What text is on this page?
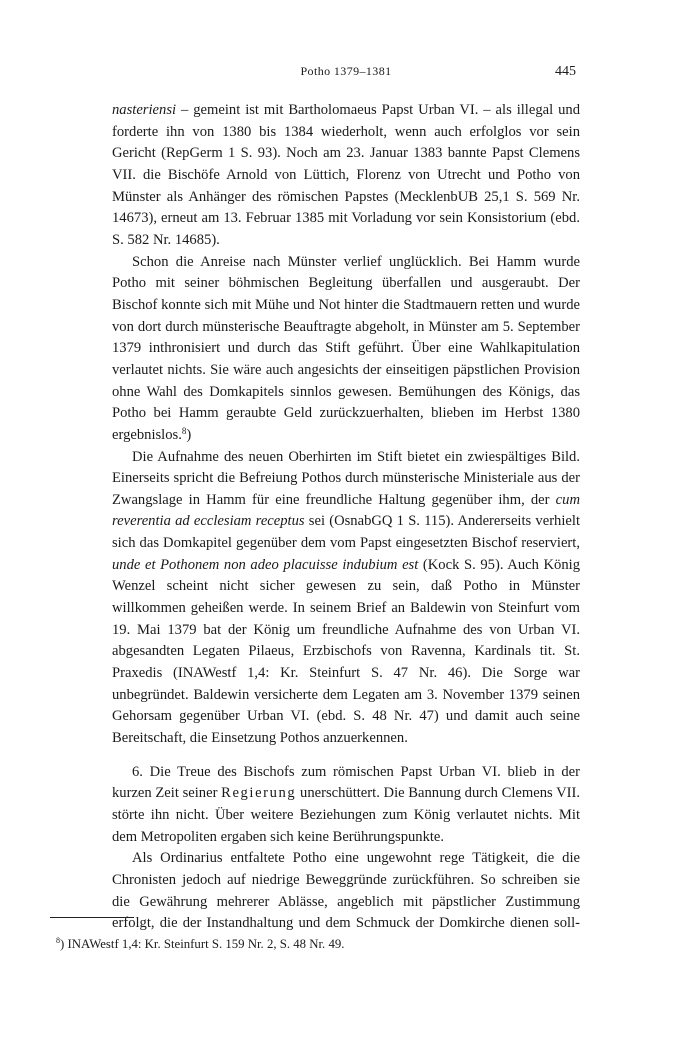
Potho 1379–1381	445

nasteriensi – gemeint ist mit Bartholomaeus Papst Urban VI. – als illegal und forderte ihn von 1380 bis 1384 wiederholt, wenn auch erfolglos vor sein Gericht (RepGerm 1 S. 93). Noch am 23. Januar 1383 bannte Papst Clemens VII. die Bischöfe Arnold von Lüttich, Florenz von Utrecht und Potho von Münster als Anhänger des römischen Papstes (MecklenbUB 25,1 S. 569 Nr. 14673), erneut am 13. Februar 1385 mit Vorladung vor sein Konsistorium (ebd. S. 582 Nr. 14685).

Schon die Anreise nach Münster verlief unglücklich. Bei Hamm wurde Potho mit seiner böhmischen Begleitung überfallen und ausgeraubt. Der Bischof konnte sich mit Mühe und Not hinter die Stadtmauern retten und wurde von dort durch münsterische Beauftragte abgeholt, in Münster am 5. September 1379 inthronisiert und durch das Stift geführt. Über eine Wahlkapitulation verlautet nichts. Sie wäre auch angesichts der einseitigen päpstlichen Provision ohne Wahl des Domkapitels sinnlos gewesen. Bemühungen des Königs, das Potho bei Hamm geraubte Geld zurückzuerhalten, blieben im Herbst 1380 ergebnislos.$^8$)

Die Aufnahme des neuen Oberhirten im Stift bietet ein zwiespältiges Bild. Einerseits spricht die Befreiung Pothos durch münsterische Ministeriale aus der Zwangslage in Hamm für eine freundliche Haltung gegenüber ihm, der cum reverentia ad ecclesiam receptus sei (OsnabGQ 1 S. 115). Andererseits verhielt sich das Domkapitel gegenüber dem vom Papst eingesetzten Bischof reserviert, unde et Pothonem non adeo placuisse indubium est (Kock S. 95). Auch König Wenzel scheint nicht sicher gewesen zu sein, daß Potho in Münster willkommen geheißen werde. In seinem Brief an Baldewin von Steinfurt vom 19. Mai 1379 bat der König um freundliche Aufnahme des von Urban VI. abgesandten Legaten Pilaeus, Erzbischofs von Ravenna, Kardinals tit. St. Praxedis (INAWestf 1,4: Kr. Steinfurt S. 47 Nr. 46). Die Sorge war unbegründet. Baldewin versicherte dem Legaten am 3. November 1379 seinen Gehorsam gegenüber Urban VI. (ebd. S. 48 Nr. 47) und damit auch seine Bereitschaft, die Einsetzung Pothos anzuerkennen.

6. Die Treue des Bischofs zum römischen Papst Urban VI. blieb in der kurzen Zeit seiner Regierung unerschüttert. Die Bannung durch Clemens VII. störte ihn nicht. Über weitere Beziehungen zum König verlautet nichts. Mit dem Metropoliten ergaben sich keine Berührungspunkte.

Als Ordinarius entfaltete Potho eine ungewohnt rege Tätigkeit, die die Chronisten jedoch auf niedrige Beweggründe zurückführen. So schreiben sie die Gewährung mehrerer Ablässe, angeblich mit päpstlicher Zustimmung erfolgt, die der Instandhaltung und dem Schmuck der Domkirche dienen soll-

$^8$) INAWestf 1,4: Kr. Steinfurt S. 159 Nr. 2, S. 48 Nr. 49.
